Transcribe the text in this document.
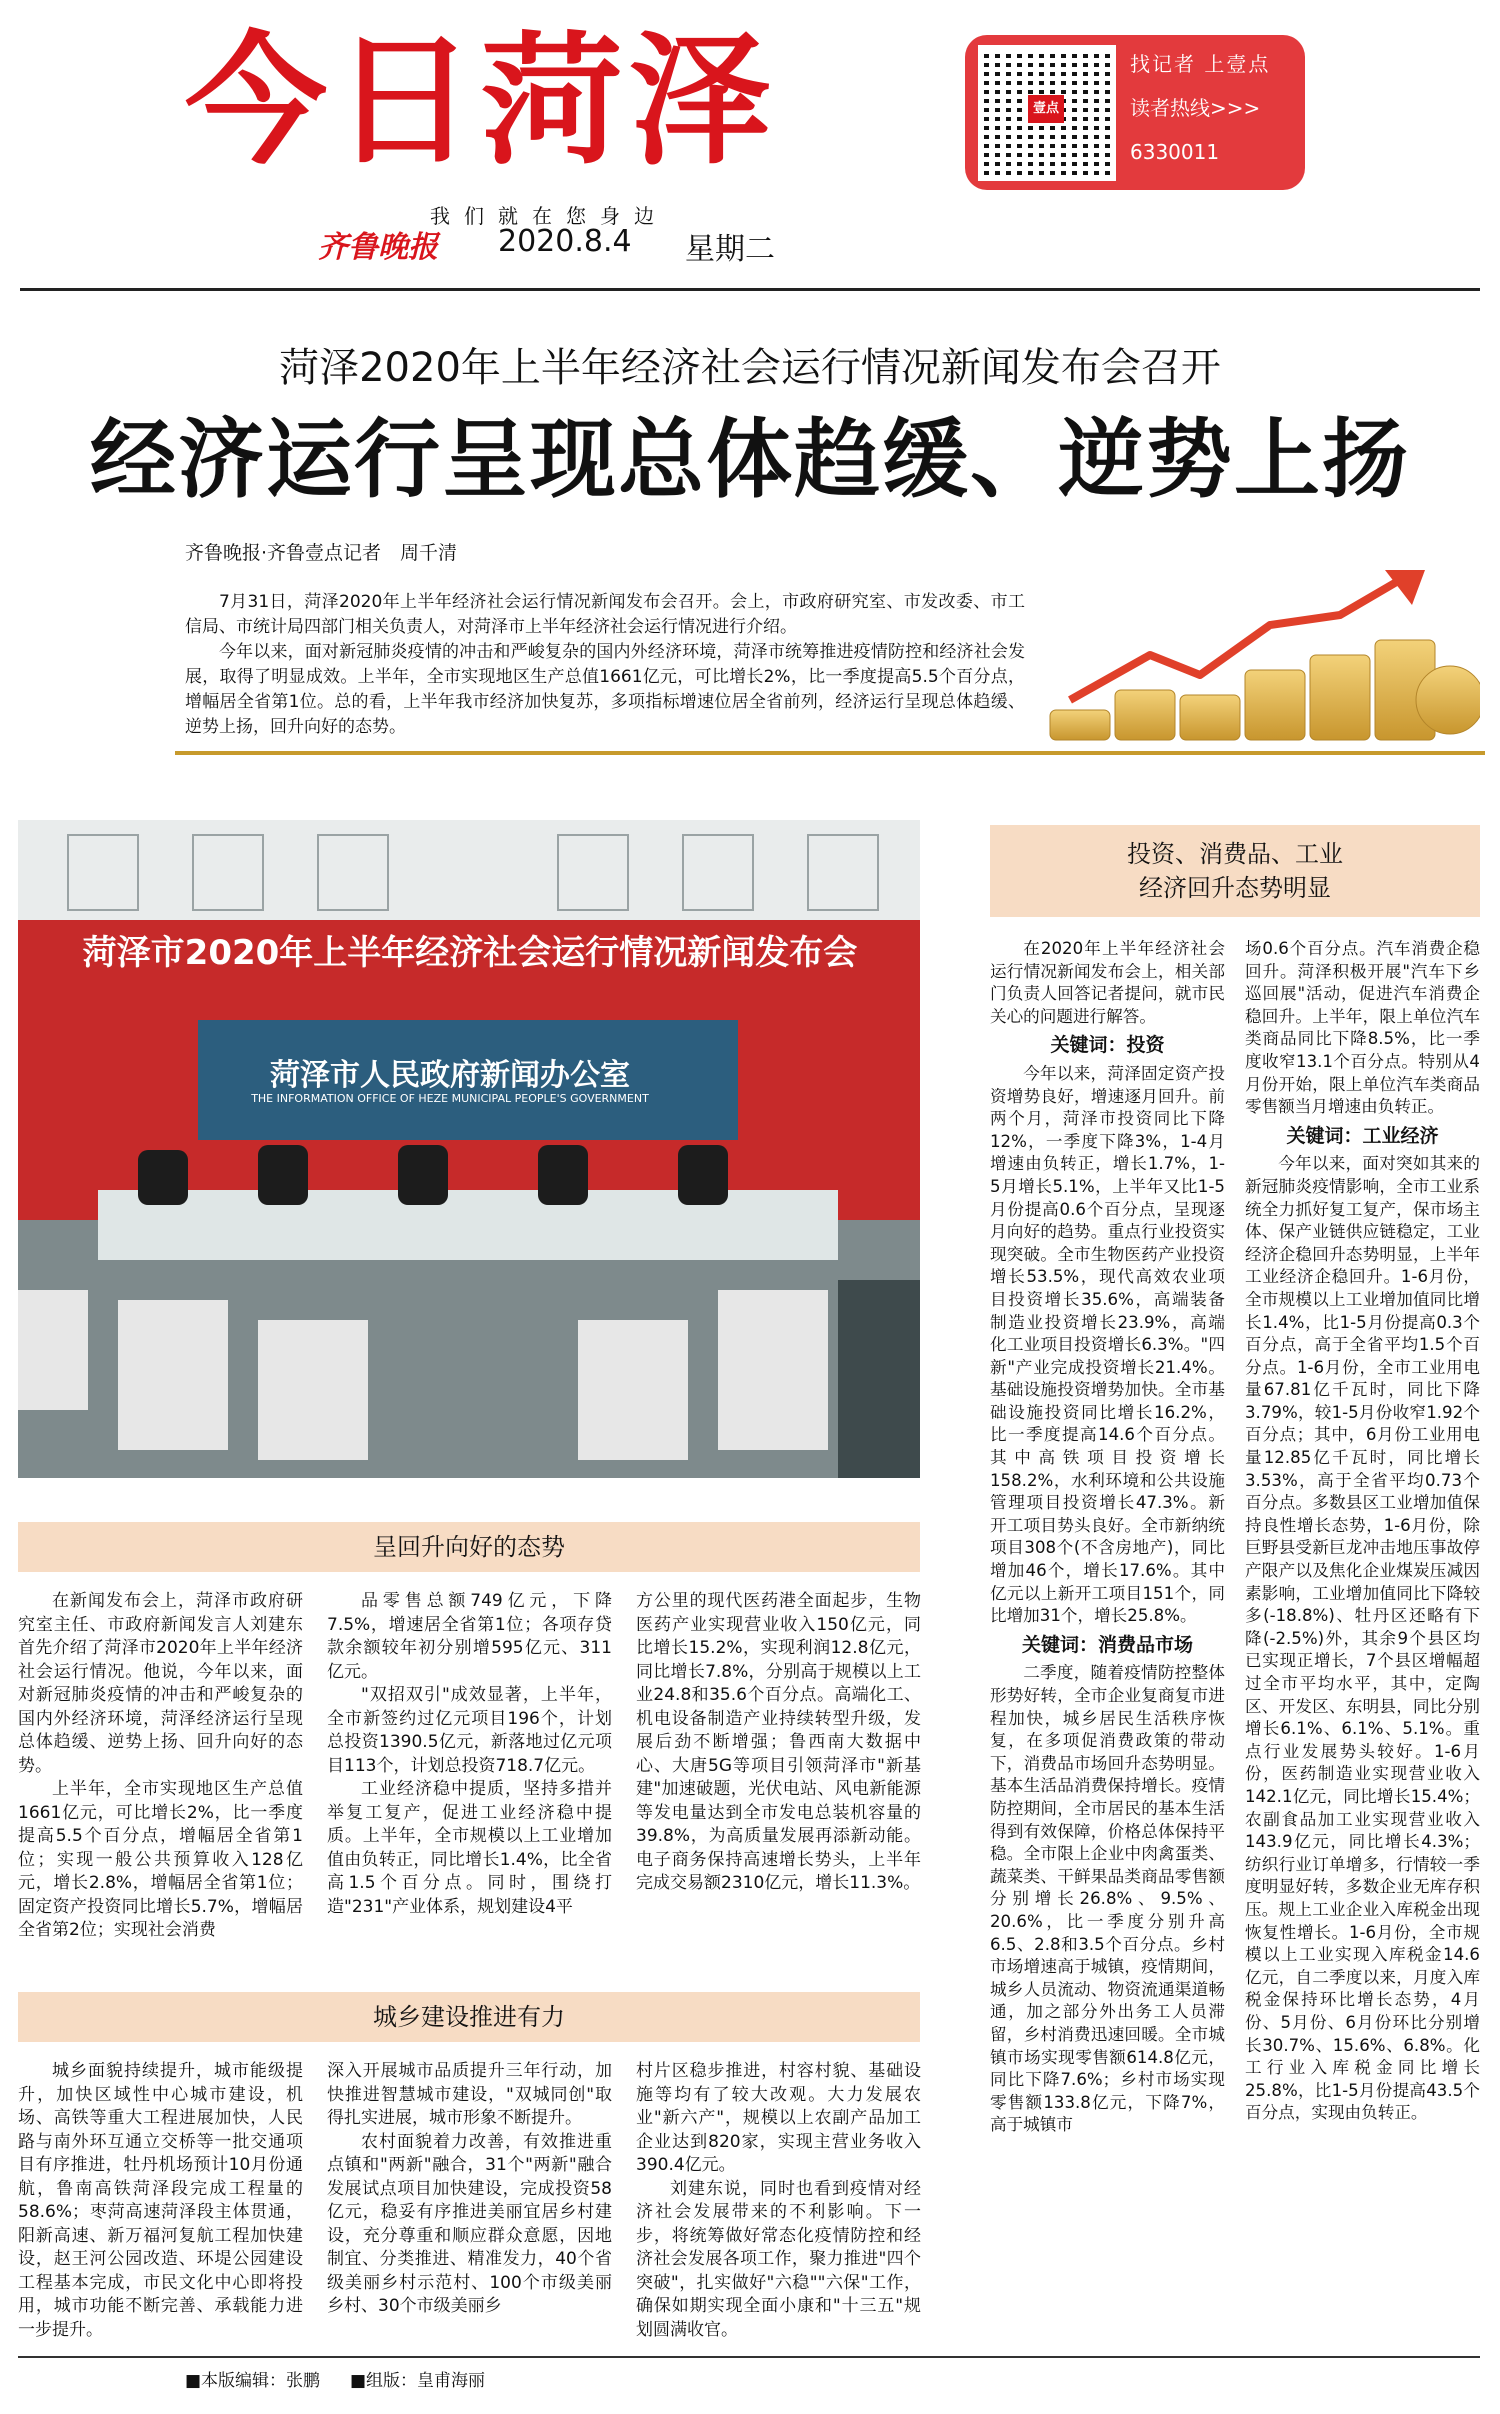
今日菏泽
我们就在您身边
齐鲁晚报 2020.8.4 星期二
壹点
找记者 上壹点
读者热线>>>
6330011
菏泽2020年上半年经济社会运行情况新闻发布会召开
经济运行呈现总体趋缓、逆势上扬
齐鲁晚报·齐鲁壹点记者　周千清

7月31日，菏泽2020年上半年经济社会运行情况新闻发布会召开。会上，市政府研究室、市发改委、市工信局、市统计局四部门相关负责人，对菏泽市上半年经济社会运行情况进行介绍。

今年以来，面对新冠肺炎疫情的冲击和严峻复杂的国内外经济环境，菏泽市统筹推进疫情防控和经济社会发展，取得了明显成效。上半年，全市实现地区生产总值1661亿元，可比增长2%，比一季度提高5.5个百分点，增幅居全省第1位。总的看，上半年我市经济加快复苏，多项指标增速位居全省前列，经济运行呈现总体趋缓、逆势上扬，回升向好的态势。

菏泽市2020年上半年经济社会运行情况新闻发布会
菏泽市人民政府新闻办公室
THE INFORMATION OFFICE OF HEZE MUNICIPAL PEOPLE'S GOVERNMENT
呈回升向好的态势

在新闻发布会上，菏泽市政府研究室主任、市政府新闻发言人刘建东首先介绍了菏泽市2020年上半年经济社会运行情况。他说，今年以来，面对新冠肺炎疫情的冲击和严峻复杂的国内外经济环境，菏泽经济运行呈现总体趋缓、逆势上扬、回升向好的态势。

上半年，全市实现地区生产总值1661亿元，可比增长2%，比一季度提高5.5个百分点，增幅居全省第1位；实现一般公共预算收入128亿元，增长2.8%，增幅居全省第1位；固定资产投资同比增长5.7%，增幅居全省第2位；实现社会消费

品零售总额749亿元，下降7.5%，增速居全省第1位；各项存贷款余额较年初分别增595亿元、311亿元。

"双招双引"成效显著，上半年，全市新签约过亿元项目196个，计划总投资1390.5亿元，新落地过亿元项目113个，计划总投资718.7亿元。

工业经济稳中提质，坚持多措并举复工复产，促进工业经济稳中提质。上半年，全市规模以上工业增加值由负转正，同比增长1.4%，比全省高1.5个百分点。同时，围绕打造"231"产业体系，规划建设4平

方公里的现代医药港全面起步，生物医药产业实现营业收入150亿元，同比增长15.2%，实现利润12.8亿元，同比增长7.8%，分别高于规模以上工业24.8和35.6个百分点。高端化工、机电设备制造产业持续转型升级，发展后劲不断增强；鲁西南大数据中心、大唐5G等项目引领菏泽市"新基建"加速破题，光伏电站、风电新能源等发电量达到全市发电总装机容量的39.8%，为高质量发展再添新动能。电子商务保持高速增长势头，上半年完成交易额2310亿元，增长11.3%。

城乡建设推进有力

城乡面貌持续提升，城市能级提升，加快区域性中心城市建设，机场、高铁等重大工程进展加快，人民路与南外环互通立交桥等一批交通项目有序推进，牡丹机场预计10月份通航，鲁南高铁菏泽段完成工程量的58.6%；枣菏高速菏泽段主体贯通，阳新高速、新万福河复航工程加快建设，赵王河公园改造、环堤公园建设工程基本完成，市民文化中心即将投用，城市功能不断完善、承载能力进一步提升。

深入开展城市品质提升三年行动，加快推进智慧城市建设，"双城同创"取得扎实进展，城市形象不断提升。

农村面貌着力改善，有效推进重点镇和"两新"融合，31个"两新"融合发展试点项目加快建设，完成投资58亿元，稳妥有序推进美丽宜居乡村建设，充分尊重和顺应群众意愿，因地制宜、分类推进、精准发力，40个省级美丽乡村示范村、100个市级美丽乡村、30个市级美丽乡

村片区稳步推进，村容村貌、基础设施等均有了较大改观。大力发展农业"新六产"，规模以上农副产品加工企业达到820家，实现主营业务收入390.4亿元。

刘建东说，同时也看到疫情对经济社会发展带来的不利影响。下一步，将统筹做好常态化疫情防控和经济社会发展各项工作，聚力推进"四个突破"，扎实做好"六稳""六保"工作，确保如期实现全面小康和"十三五"规划圆满收官。

投资、消费品、工业
经济回升态势明显

在2020年上半年经济社会运行情况新闻发布会上，相关部门负责人回答记者提问，就市民关心的问题进行解答。

关键词：投资

今年以来，菏泽固定资产投资增势良好，增速逐月回升。前两个月，菏泽市投资同比下降12%，一季度下降3%，1-4月增速由负转正，增长1.7%，1-5月增长5.1%，上半年又比1-5月份提高0.6个百分点，呈现逐月向好的趋势。重点行业投资实现突破。全市生物医药产业投资增长53.5%，现代高效农业项目投资增长35.6%，高端装备制造业投资增长23.9%，高端化工业项目投资增长6.3%。"四新"产业完成投资增长21.4%。基础设施投资增势加快。全市基础设施投资同比增长16.2%，比一季度提高14.6个百分点。其中高铁项目投资增长158.2%，水利环境和公共设施管理项目投资增长47.3%。新开工项目势头良好。全市新纳统项目308个(不含房地产)，同比增加46个，增长17.6%。其中亿元以上新开工项目151个，同比增加31个，增长25.8%。

关键词：消费品市场

二季度，随着疫情防控整体形势好转，全市企业复商复市进程加快，城乡居民生活秩序恢复，在多项促消费政策的带动下，消费品市场回升态势明显。基本生活品消费保持增长。疫情防控期间，全市居民的基本生活得到有效保障，价格总体保持平稳。全市限上企业中肉禽蛋类、蔬菜类、干鲜果品类商品零售额分别增长26.8%、9.5%、20.6%，比一季度分别升高6.5、2.8和3.5个百分点。乡村市场增速高于城镇，疫情期间，城乡人员流动、物资流通渠道畅通，加之部分外出务工人员滞留，乡村消费迅速回暖。全市城镇市场实现零售额614.8亿元，同比下降7.6%；乡村市场实现零售额133.8亿元，下降7%，高于城镇市

场0.6个百分点。汽车消费企稳回升。菏泽积极开展"汽车下乡巡回展"活动，促进汽车消费企稳回升。上半年，限上单位汽车类商品同比下降8.5%，比一季度收窄13.1个百分点。特别从4月份开始，限上单位汽车类商品零售额当月增速由负转正。

关键词：工业经济

今年以来，面对突如其来的新冠肺炎疫情影响，全市工业系统全力抓好复工复产，保市场主体、保产业链供应链稳定，工业经济企稳回升态势明显，上半年工业经济企稳回升。1-6月份，全市规模以上工业增加值同比增长1.4%，比1-5月份提高0.3个百分点，高于全省平均1.5个百分点。1-6月份，全市工业用电量67.81亿千瓦时，同比下降3.79%，较1-5月份收窄1.92个百分点；其中，6月份工业用电量12.85亿千瓦时，同比增长3.53%，高于全省平均0.73个百分点。多数县区工业增加值保持良性增长态势，1-6月份，除巨野县受新巨龙冲击地压事故停产限产以及焦化企业煤炭压减因素影响，工业增加值同比下降较多(-18.8%)、牡丹区还略有下降(-2.5%)外，其余9个县区均已实现正增长，7个县区增幅超过全市平均水平，其中，定陶区、开发区、东明县，同比分别增长6.1%、6.1%、5.1%。重点行业发展势头较好。1-6月份，医药制造业实现营业收入142.1亿元，同比增长15.4%；农副食品加工业实现营业收入143.9亿元，同比增长4.3%；纺织行业订单增多，行情较一季度明显好转，多数企业无库存积压。规上工业企业入库税金出现恢复性增长。1-6月份，全市规模以上工业实现入库税金14.6亿元，自二季度以来，月度入库税金保持环比增长态势，4月份、5月份、6月份环比分别增长30.7%、15.6%、6.8%。化工行业入库税金同比增长25.8%，比1-5月份提高43.5个百分点，实现由负转正。

■本版编辑：张鹏 ■组版：皇甫海丽
